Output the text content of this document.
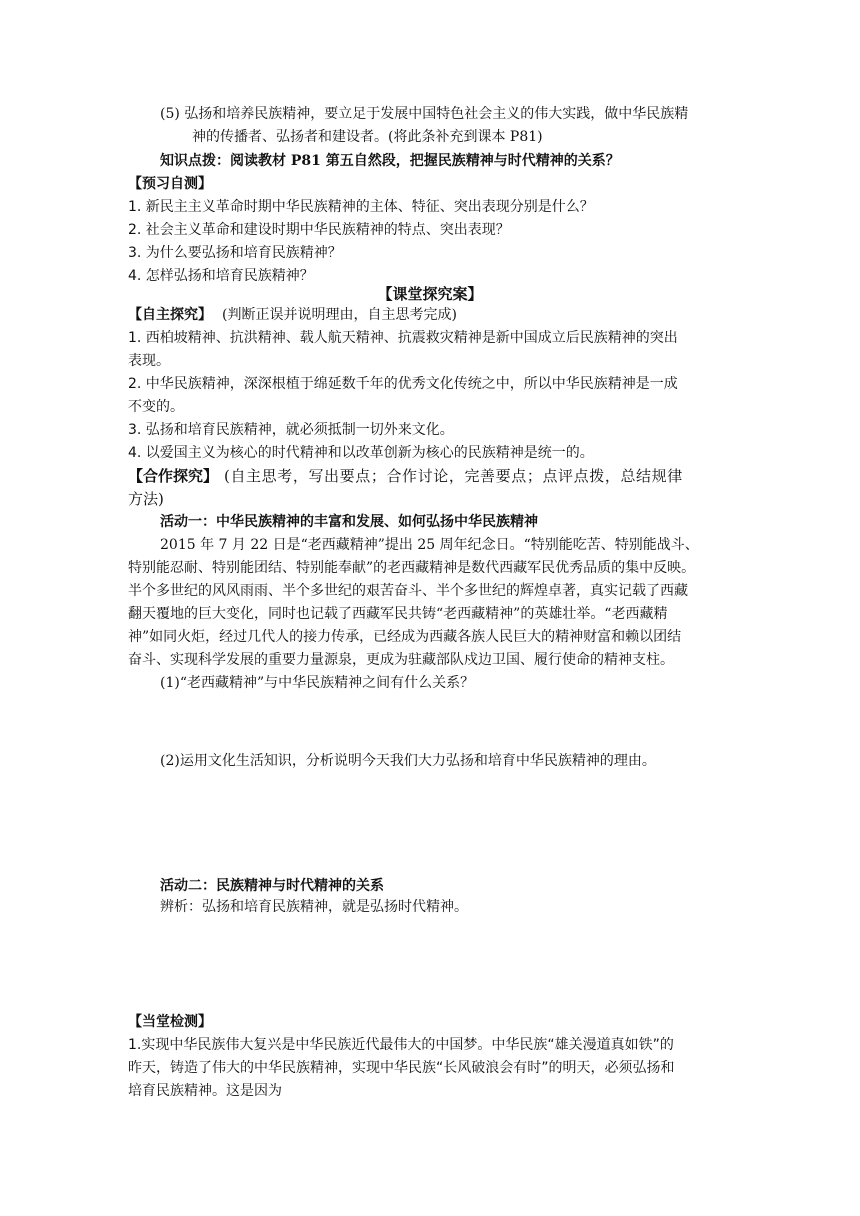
(5) 弘扬和培养民族精神，要立足于发展中国特色社会主义的伟大实践，做中华民族精
神的传播者、弘扬者和建设者。(将此条补充到课本 P81)
知识点拨：阅读教材 P81 第五自然段，把握民族精神与时代精神的关系？
【预习自测】
1. 新民主主义革命时期中华民族精神的主体、特征、突出表现分别是什么？
2. 社会主义革命和建设时期中华民族精神的特点、突出表现？
3. 为什么要弘扬和培育民族精神？
4. 怎样弘扬和培育民族精神？
【课堂探究案】
【自主探究】 (判断正误并说明理由，自主思考完成)
1. 西柏坡精神、抗洪精神、载人航天精神、抗震救灾精神是新中国成立后民族精神的突出
表现。
2. 中华民族精神，深深根植于绵延数千年的优秀文化传统之中，所以中华民族精神是一成
不变的。
3. 弘扬和培育民族精神，就必须抵制一切外来文化。
4. 以爱国主义为核心的时代精神和以改革创新为核心的民族精神是统一的。
【合作探究】 (自主思考，写出要点；合作讨论，完善要点；点评点拨，总结规律
方法)
活动一：中华民族精神的丰富和发展、如何弘扬中华民族精神
2015 年 7 月 22 日是“老西藏精神”提出 25 周年纪念日。“特别能吃苦、特别能战斗、
特别能忍耐、特别能团结、特别能奉献”的老西藏精神是数代西藏军民优秀品质的集中反映。
半个多世纪的风风雨雨、半个多世纪的艰苦奋斗、半个多世纪的辉煌卓著，真实记载了西藏
翻天覆地的巨大变化，同时也记载了西藏军民共铸“老西藏精神”的英雄壮举。“老西藏精
神”如同火炬，经过几代人的接力传承，已经成为西藏各族人民巨大的精神财富和赖以团结
奋斗、实现科学发展的重要力量源泉，更成为驻藏部队戍边卫国、履行使命的精神支柱。
(1)“老西藏精神”与中华民族精神之间有什么关系？
(2)运用文化生活知识，分析说明今天我们大力弘扬和培育中华民族精神的理由。
活动二：民族精神与时代精神的关系
辨析：弘扬和培育民族精神，就是弘扬时代精神。
【当堂检测】
1.实现中华民族伟大复兴是中华民族近代最伟大的中国梦。中华民族“雄关漫道真如铁”的
昨天，铸造了伟大的中华民族精神，实现中华民族“长风破浪会有时”的明天，必须弘扬和
培育民族精神。这是因为
